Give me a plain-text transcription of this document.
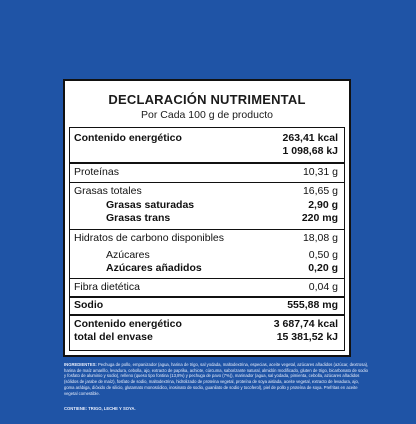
DECLARACIÓN NUTRIMENTAL
Por Cada 100 g de producto
Contenido energético	263,41 kcal
1 098,68 kJ
Proteínas	10,31 g
Grasas totales	16,65 g
Grasas saturadas	2,90 g
Grasas trans	220 mg
Hidratos de carbono disponibles	18,08 g
Azúcares	0,50 g
Azúcares añadidos	0,20 g
Fibra dietética	0,04 g
Sodio	555,88 mg
Contenido energético	3 687,74 kcal
total del envase	15 381,52 kJ
INGREDIENTES: Pechuga de pollo, empanizador (agua, harina de trigo, sal yodada, maltodextrina, especias, aceite vegetal, azúcares añadidos (azúcar, dextrosa), harina de maíz amarillo, levadura, cebolla, ajo, extracto de paprika, achiote, cúrcuma, saborizante natural, almidón modificado, gluten de trigo, bicarbonato de sodio y fosfato de aluminio y sodio), relleno (queso tipo fontina (13,8%) y pechuga de pavo (7%)), marinador (agua, sal yodada, pimienta, cebolla, azúcares añadidos (sólidos de jarabe de maíz), fosfato de sodio, maltodextrina, hidrolizado de proteína vegetal, proteína de soya aislada, aceite vegetal, extracto de levadura, ajo, goma arábiga, dióxido de silicio, glutamato monosódico, inosinato de sodio, guanilato de sodio y tocoferol), piel de pollo y proteína de soya. Prefritas en aceite vegetal comestible.
CONTIENE: TRIGO, LECHE Y SOYA.
